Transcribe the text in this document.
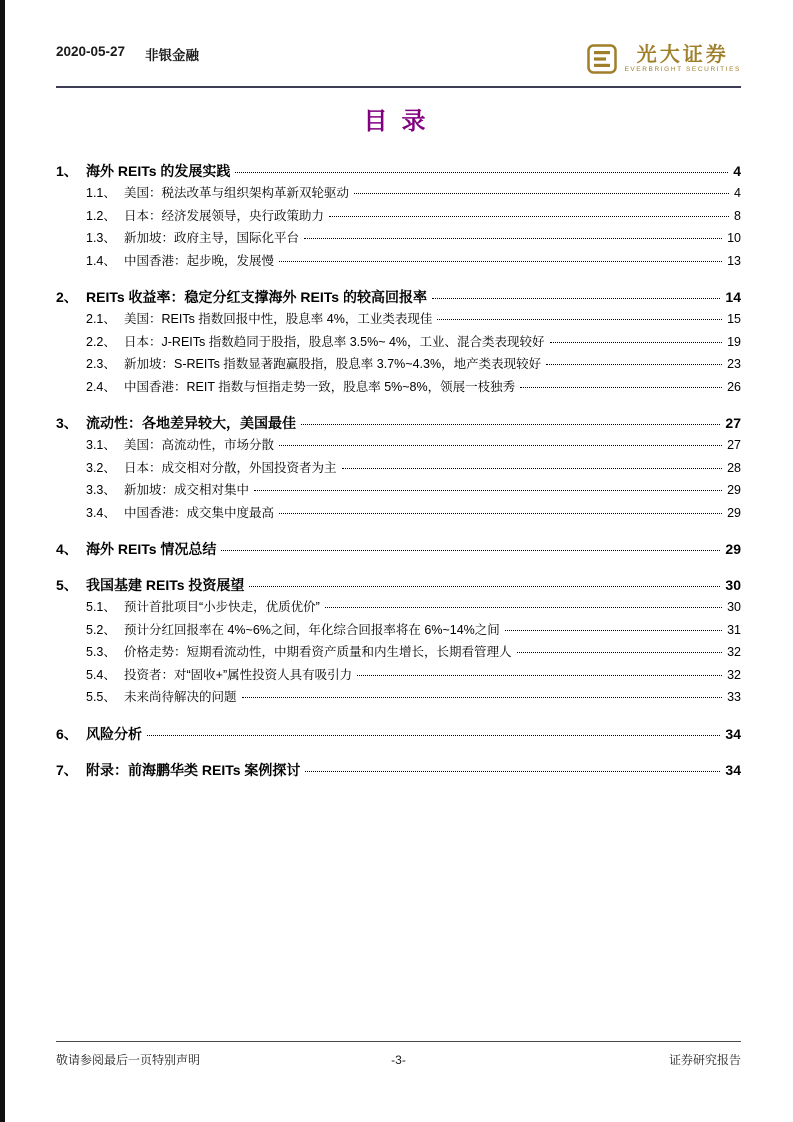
2020-05-27 非银金融	光大证券
EVERBRIGHT SECURITIES
目 录
1、 海外 REITs 的发展实践	4
1.1、 美国：税法改革与组织架构革新双轮驱动	4
1.2、 日本：经济发展领导，央行政策助力	8
1.3、 新加坡：政府主导，国际化平台	10
1.4、 中国香港：起步晚，发展慢	13
2、 REITs 收益率：稳定分红支撑海外 REITs 的较高回报率	14
2.1、 美国：REITs 指数回报中性，股息率 4%，工业类表现佳	15
2.2、 日本：J-REITs 指数趋同于股指，股息率 3.5%~ 4%，工业、混合类表现较好	19
2.3、 新加坡：S-REITs 指数显著跑赢股指，股息率 3.7%~4.3%，地产类表现较好	23
2.4、 中国香港：REIT 指数与恒指走势一致，股息率 5%~8%，领展一枝独秀	26
3、 流动性：各地差异较大，美国最佳	27
3.1、 美国：高流动性，市场分散	27
3.2、 日本：成交相对分散，外国投资者为主	28
3.3、 新加坡：成交相对集中	29
3.4、 中国香港：成交集中度最高	29
4、 海外 REITs 情况总结	29
5、 我国基建 REITs 投资展望	30
5.1、 预计首批项目“小步快走，优质优价”	30
5.2、 预计分红回报率在 4%~6%之间，年化综合回报率将在 6%~14%之间	31
5.3、 价格走势：短期看流动性，中期看资产质量和内生增长，长期看管理人	32
5.4、 投资者：对“固收+”属性投资人具有吸引力	32
5.5、 未来尚待解决的问题	33
6、 风险分析	34
7、 附录：前海鹏华类 REITs 案例探讨	34
敬请参阅最后一页特别声明	-3-	证券研究报告
